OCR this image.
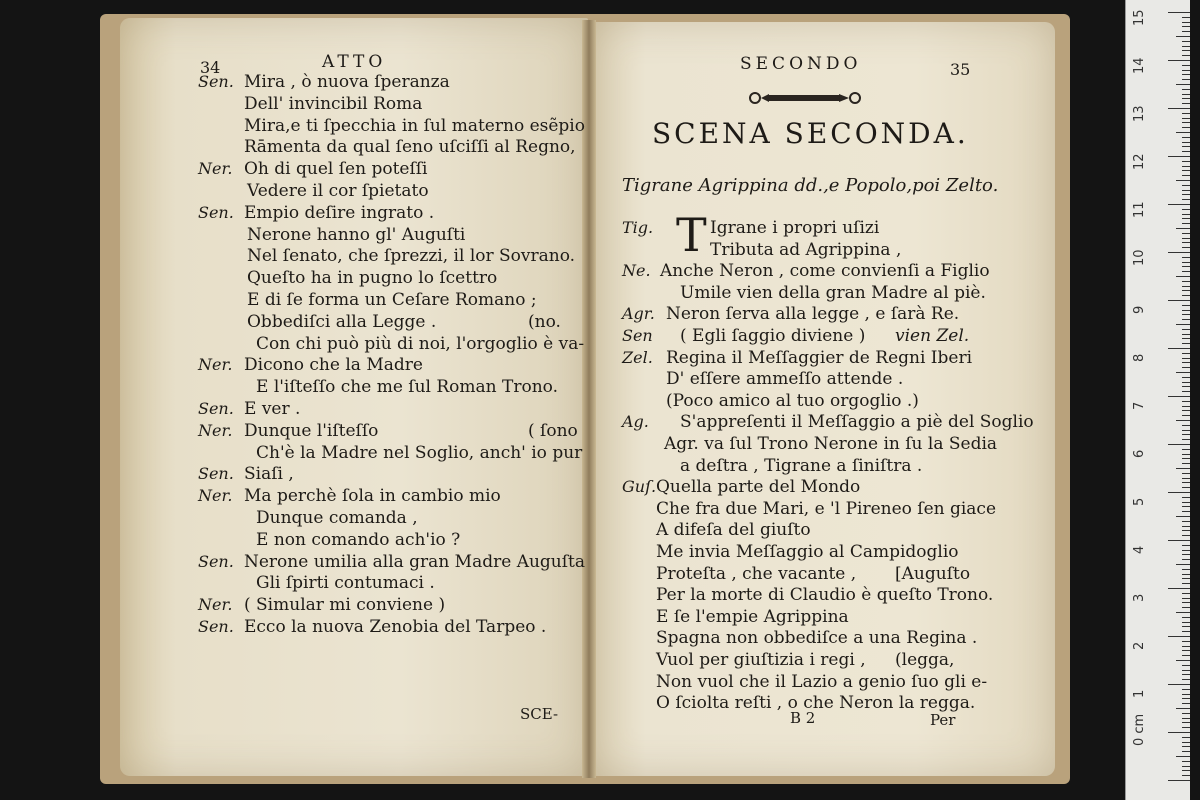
34	ATTO
Sen. Mira , ò nuova ſperanza
Dell' invincibil Roma
Mira,e ti ſpecchia in ſul materno esẽpio
Rāmenta da qual ſeno uſciſſi al Regno,
Ner. Oh di quel ſen poteſſi
Vedere il cor ſpietato
Sen. Empio deſire ingrato .
Nerone hanno gl' Auguſti
Nel ſenato, che ſprezzi, il lor Sovrano.
Queſto ha in pugno lo ſcettro
E di ſe forma un Ceſare Romano ;
Obbediſci alla Legge .	(no.
Con chi può più di noi, l'orgoglio è va-
Ner. Dicono che la Madre
E l'iſteſſo che me ſul Roman Trono.
Sen. E ver .
Ner. Dunque l'iſteſſo	( ſono
Ch'è la Madre nel Soglio, anch' io pur
Sen. Siaſi ,
Ner. Ma perchè ſola in cambio mio
Dunque comanda ,
E non comando ach'io ?
Sen. Nerone umilia alla gran Madre Auguſta
Gli ſpirti contumaci .
Ner. ( Simular mi conviene )
Sen. Ecco la nuova Zenobia del Tarpeo .
SCE-
SECONDO	35
SCENA SECONDA.
Tigrane Agrippina dd.,e Popolo,poi Zelto.
T
Tig.	Igrane i propri uſizi
Tributa ad Agrippina ,
Ne. Anche Neron , come convienſi a Figlio
Umile vien della gran Madre al piè.
Agr. Neron ſerva alla legge , e ſarà Re.
Sen ( Egli ſaggio diviene ) vien Zel.
Zel. Regina il Meſſaggier de Regni Iberi
D' eſſere ammeſſo attende .
(Poco amico al tuo orgoglio .)
Ag. S'appreſenti il Meſſaggio a piè del Soglio
Agr. va ſul Trono Nerone in ſu la Sedia
a deſtra , Tigrane a ſiniſtra .
Guſ. Quella parte del Mondo
Che fra due Mari, e 'l Pireneo ſen giace
A difeſa del giuſto
Me invia Meſſaggio al Campidoglio
Proteſta , che vacante , [Auguſto
Per la morte di Claudio è queſto Trono.
E ſe l'empie Agrippina
Spagna non obbediſce a una Regina .
Vuol per giuſtizia i regi , (legga,
Non vuol che il Lazio a genio ſuo gli e-
O ſciolta reſti , o che Neron la regga.
B 2	Per
15
14
13
12
11
10
9
8
7
6
5
4
3
2
1
0 cm
